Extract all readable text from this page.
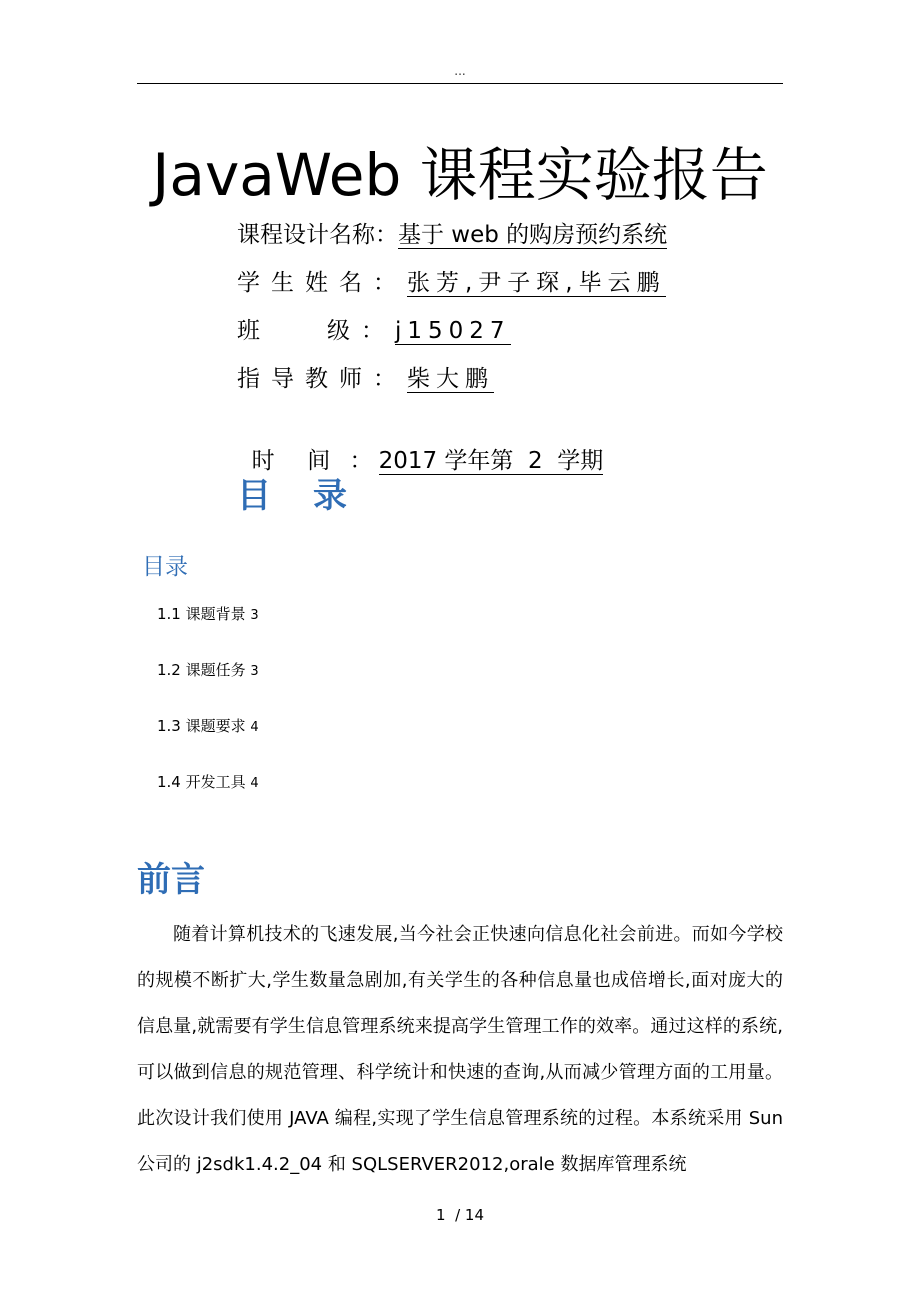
...
JavaWeb 课程实验报告
课程设计名称：基于 web 的购房预约系统
学生姓名：张芳,尹子琛,毕云鹏
班	级：j15027
指导教师：柴大鹏

时  间 ：2017 学年第  2  学期

目录
目录
1.1 课题背景 3
1.2 课题任务 3
1.3 课题要求 4
1.4 开发工具 4
前言
随着计算机技术的飞速发展,当今社会正快速向信息化社会前进。而如今学校的规模不断扩大,学生数量急剧加,有关学生的各种信息量也成倍增长,面对庞大的信息量,就需要有学生信息管理系统来提高学生管理工作的效率。通过这样的系统,可以做到信息的规范管理、科学统计和快速的查询,从而减少管理方面的工用量。此次设计我们使用 JAVA 编程,实现了学生信息管理系统的过程。本系统采用 Sun 公司的 j2sdk1.4.2_04 和 SQLSERVER2012,orale 数据库管理系统
1  / 14
